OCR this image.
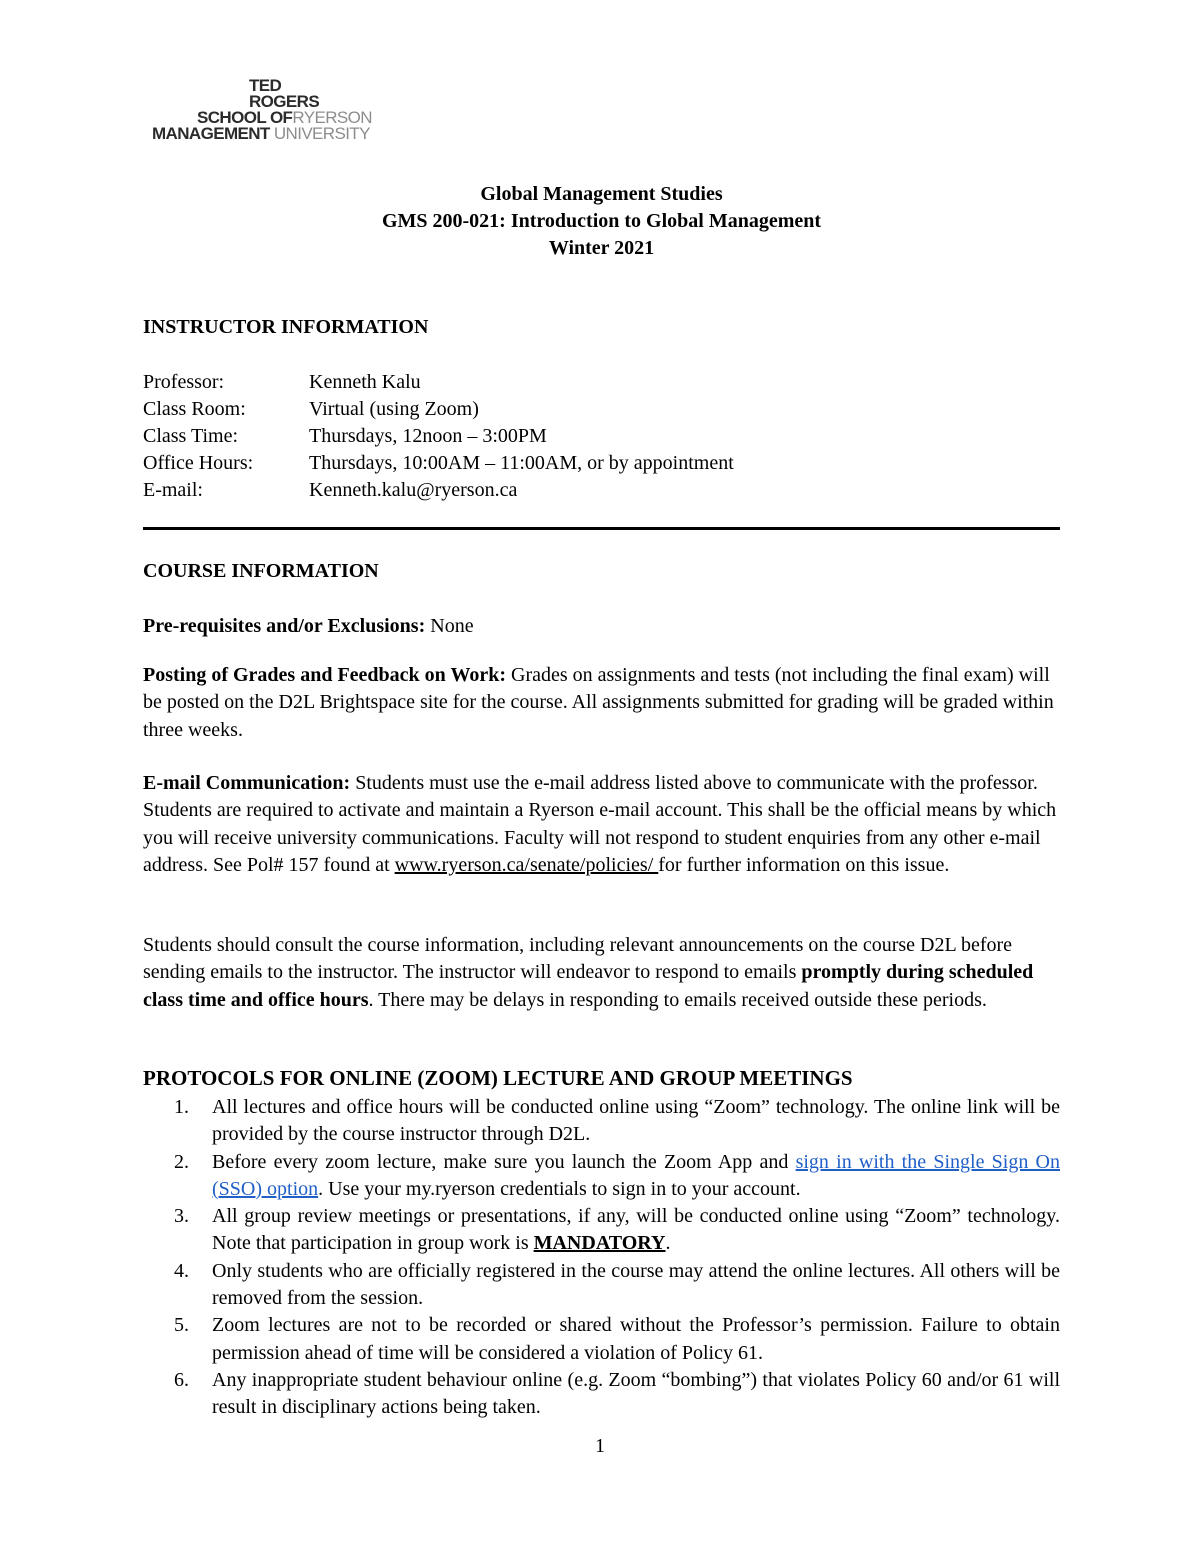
TED
ROGERS
SCHOOL OFRYERSON
MANAGEMENT UNIVERSITY
Global Management Studies
GMS 200-021: Introduction to Global Management
Winter 2021
INSTRUCTOR INFORMATION
Professor:	Kenneth Kalu
Class Room:	Virtual (using Zoom)
Class Time:	Thursdays, 12noon – 3:00PM
Office Hours:	Thursdays, 10:00AM – 11:00AM, or by appointment
E-mail:	Kenneth.kalu@ryerson.ca
COURSE INFORMATION

Pre-requisites and/or Exclusions: None

Posting of Grades and Feedback on Work: Grades on assignments and tests (not including the final exam) will be posted on the D2L Brightspace site for the course. All assignments submitted for grading will be graded within three weeks.

E-mail Communication: Students must use the e-mail address listed above to communicate with the professor. Students are required to activate and maintain a Ryerson e-mail account. This shall be the official means by which you will receive university communications. Faculty will not respond to student enquiries from any other e-mail address. See Pol# 157 found at www.ryerson.ca/senate/policies/ for further information on this issue.

Students should consult the course information, including relevant announcements on the course D2L before sending emails to the instructor. The instructor will endeavor to respond to emails promptly during scheduled class time and office hours. There may be delays in responding to emails received outside these periods.

PROTOCOLS FOR ONLINE (ZOOM) LECTURE AND GROUP MEETINGS
1. All lectures and office hours will be conducted online using “Zoom” technology. The online link will be provided by the course instructor through D2L.
2. Before every zoom lecture, make sure you launch the Zoom App and sign in with the Single Sign On (SSO) option. Use your my.ryerson credentials to sign in to your account.
3. All group review meetings or presentations, if any, will be conducted online using “Zoom” technology. Note that participation in group work is MANDATORY.
4. Only students who are officially registered in the course may attend the online lectures. All others will be removed from the session.
5. Zoom lectures are not to be recorded or shared without the Professor’s permission. Failure to obtain permission ahead of time will be considered a violation of Policy 61.
6. Any inappropriate student behaviour online (e.g. Zoom “bombing”) that violates Policy 60 and/or 61 will result in disciplinary actions being taken.
1
